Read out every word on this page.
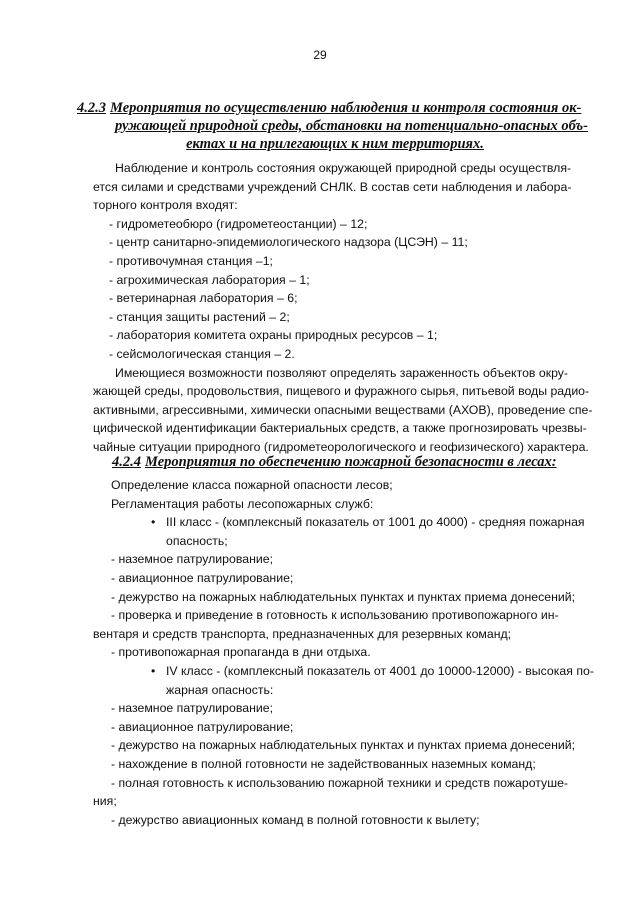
29
4.2.3 Мероприятия по осуществлению наблюдения и контроля состояния ок-
ружающей природной среды, обстановки на потенциально-опасных объ-
ектах и на прилегающих к ним территориях.
Наблюдение и контроль состояния окружающей природной среды осуществля-
ется силами и средствами учреждений СНЛК. В состав сети наблюдения и лабора-
торного контроля входят:
- гидрометеобюро (гидрометеостанции) – 12;
- центр санитарно-эпидемиологического надзора (ЦСЭН) – 11;
- противочумная станция –1;
- агрохимическая лаборатория – 1;
- ветеринарная лаборатория – 6;
- станция защиты растений – 2;
- лаборатория комитета охраны природных ресурсов – 1;
- сейсмологическая станция – 2.
Имеющиеся возможности позволяют определять зараженность объектов окру-
жающей среды, продовольствия, пищевого и фуражного сырья, питьевой воды радио-
активными, агрессивными, химически опасными веществами (АХОВ), проведение спе-
цифической идентификации бактериальных средств, а также прогнозировать чрезвы-
чайные ситуации природного (гидрометеорологического и геофизического) характера.
4.2.4 Мероприятия по обеспечению пожарной безопасности в лесах:
Определение класса пожарной опасности лесов;
Регламентация работы лесопожарных служб:
• III класс - (комплексный показатель от 1001 до 4000) - средняя пожарная
опасность;
- наземное патрулирование;
- авиационное патрулирование;
- дежурство на пожарных наблюдательных пунктах и пунктах приема донесений;
- проверка и приведение в готовность к использованию противопожарного ин-
вентаря и средств транспорта, предназначенных для резервных команд;
- противопожарная пропаганда в дни отдыха.
• IV класс - (комплексный показатель от 4001 до 10000-12000) - высокая по-
жарная опасность:
- наземное патрулирование;
- авиационное патрулирование;
- дежурство на пожарных наблюдательных пунктах и пунктах приема донесений;
- нахождение в полной готовности не задействованных наземных команд;
- полная готовность к использованию пожарной техники и средств пожаротуше-
ния;
- дежурство авиационных команд в полной готовности к вылету;
